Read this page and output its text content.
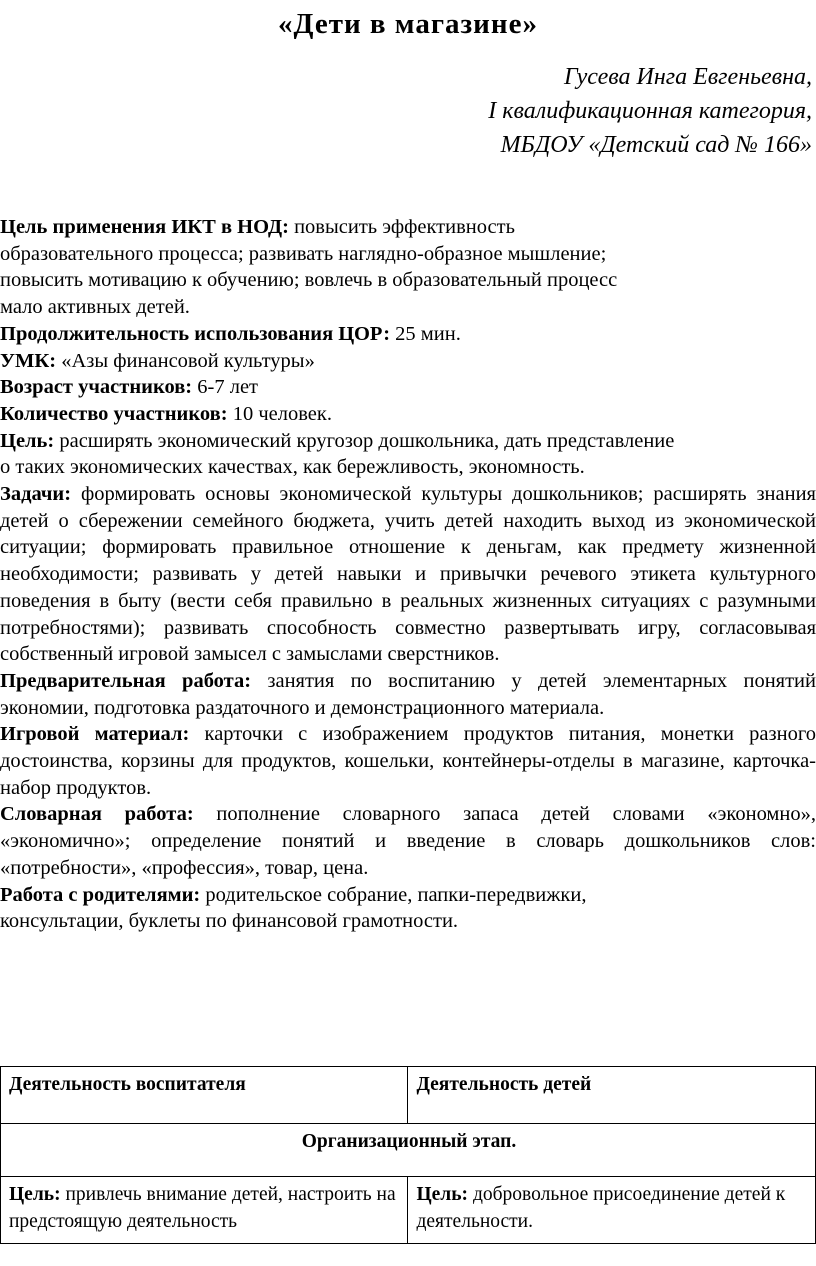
«Дети в магазине»
Гусева Инга Евгеньевна,
I квалификационная категория,
МБДОУ «Детский сад № 166»

Цель применения ИКТ в НОД: повысить эффективность
образовательного процесса; развивать наглядно-образное мышление;
повысить мотивацию к обучению; вовлечь в образовательный процесс
мало активных детей.

Продолжительность использования ЦОР: 25 мин.

УМК: «Азы финансовой культуры»

Возраст участников: 6-7 лет

Количество участников: 10 человек.

Цель: расширять экономический кругозор дошкольника, дать представление
о таких экономических качествах, как бережливость, экономность.

Задачи: формировать основы экономической культуры дошкольников; расширять знания детей о сбережении семейного бюджета, учить детей находить выход из экономической ситуации; формировать правильное отношение к деньгам, как предмету жизненной необходимости; развивать у детей навыки и привычки речевого этикета культурного поведения в быту (вести себя правильно в реальных жизненных ситуациях с разумными потребностями); развивать способность совместно развертывать игру, согласовывая собственный игровой замысел с замыслами сверстников.

Предварительная работа: занятия по воспитанию у детей элементарных понятий экономии, подготовка раздаточного и демонстрационного материала.

Игровой материал: карточки с изображением продуктов питания, монетки разного достоинства, корзины для продуктов, кошельки, контейнеры-отделы в магазине, карточка-набор продуктов.

Словарная работа: пополнение словарного запаса детей словами «экономно», «экономично»; определение понятий и введение в словарь дошкольников слов: «потребности», «профессия», товар, цена.

Работа с родителями: родительское собрание, папки-передвижки,
консультации, буклеты по финансовой грамотности.

Деятельность воспитателя	Деятельность детей
Организационный этап.	
Цель: привлечь внимание детей, настроить на предстоящую деятельность	Цель: добровольное присоединение детей к деятельности.
